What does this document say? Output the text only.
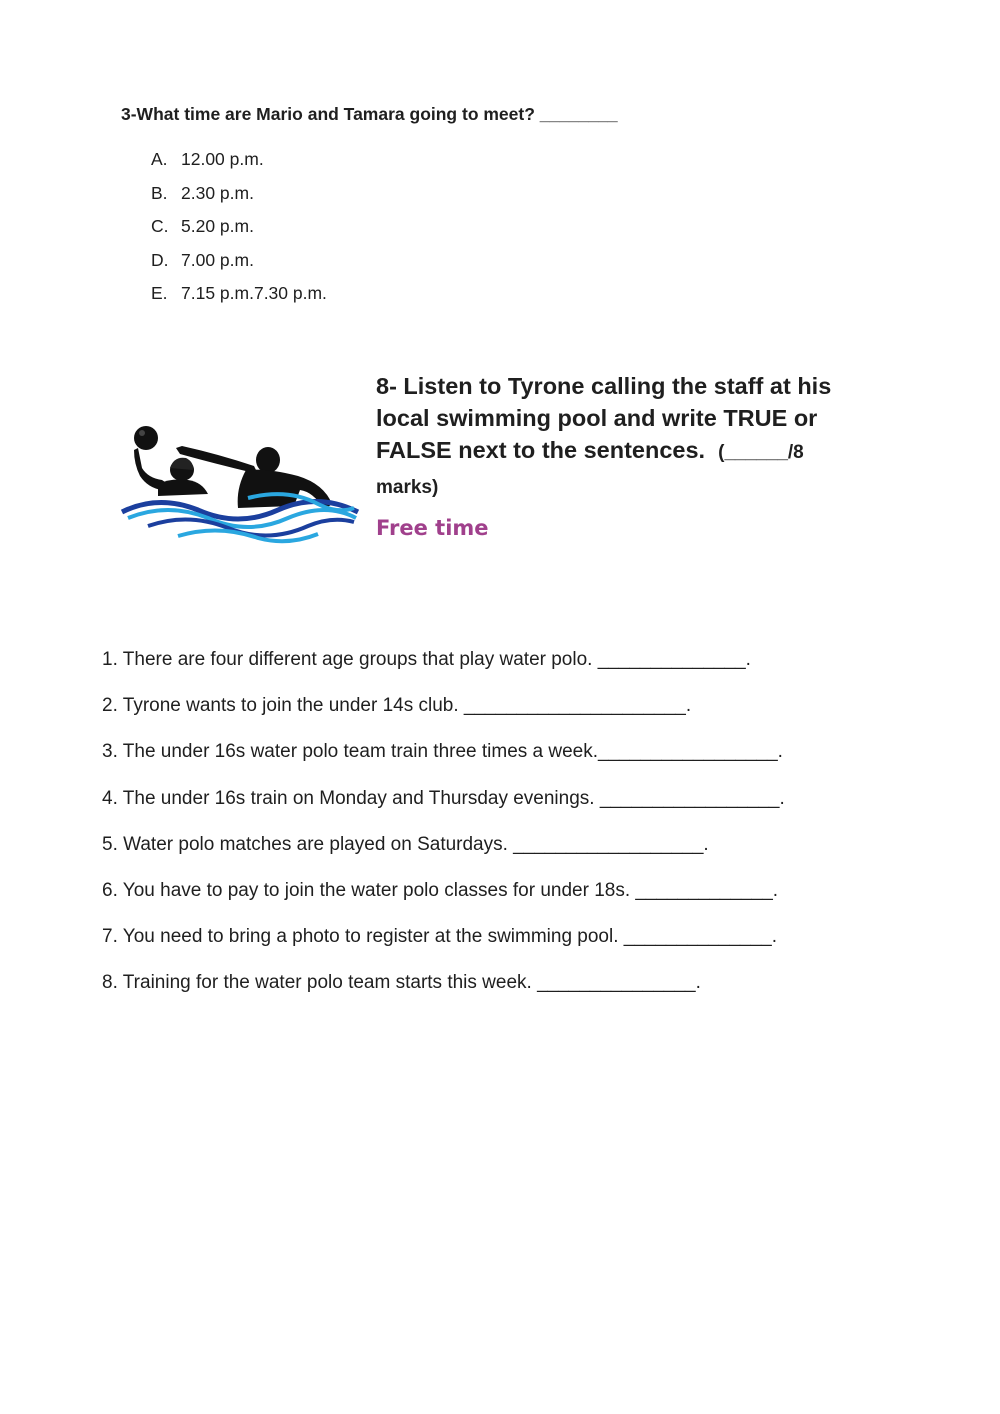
3-What time are Mario and Tamara going to meet? ________

A. 12.00 p.m.
B. 2.30 p.m.
C. 5.20 p.m.
D. 7.00 p.m.
E. 7.15 p.m.7.30 p.m.

8- Listen to Tyrone calling the staff at his local swimming pool and write TRUE or FALSE next to the sentences. (______/8 marks)

Free time

1. There are four different age groups that play water polo. ______________.
2. Tyrone wants to join the under 14s club. _____________________.
3. The under 16s water polo team train three times a week._________________.
4. The under 16s train on Monday and Thursday evenings. _________________.
5. Water polo matches are played on Saturdays. __________________.
6. You have to pay to join the water polo classes for under 18s. _____________.
7. You need to bring a photo to register at the swimming pool. ______________.
8. Training for the water polo team starts this week. _______________.
